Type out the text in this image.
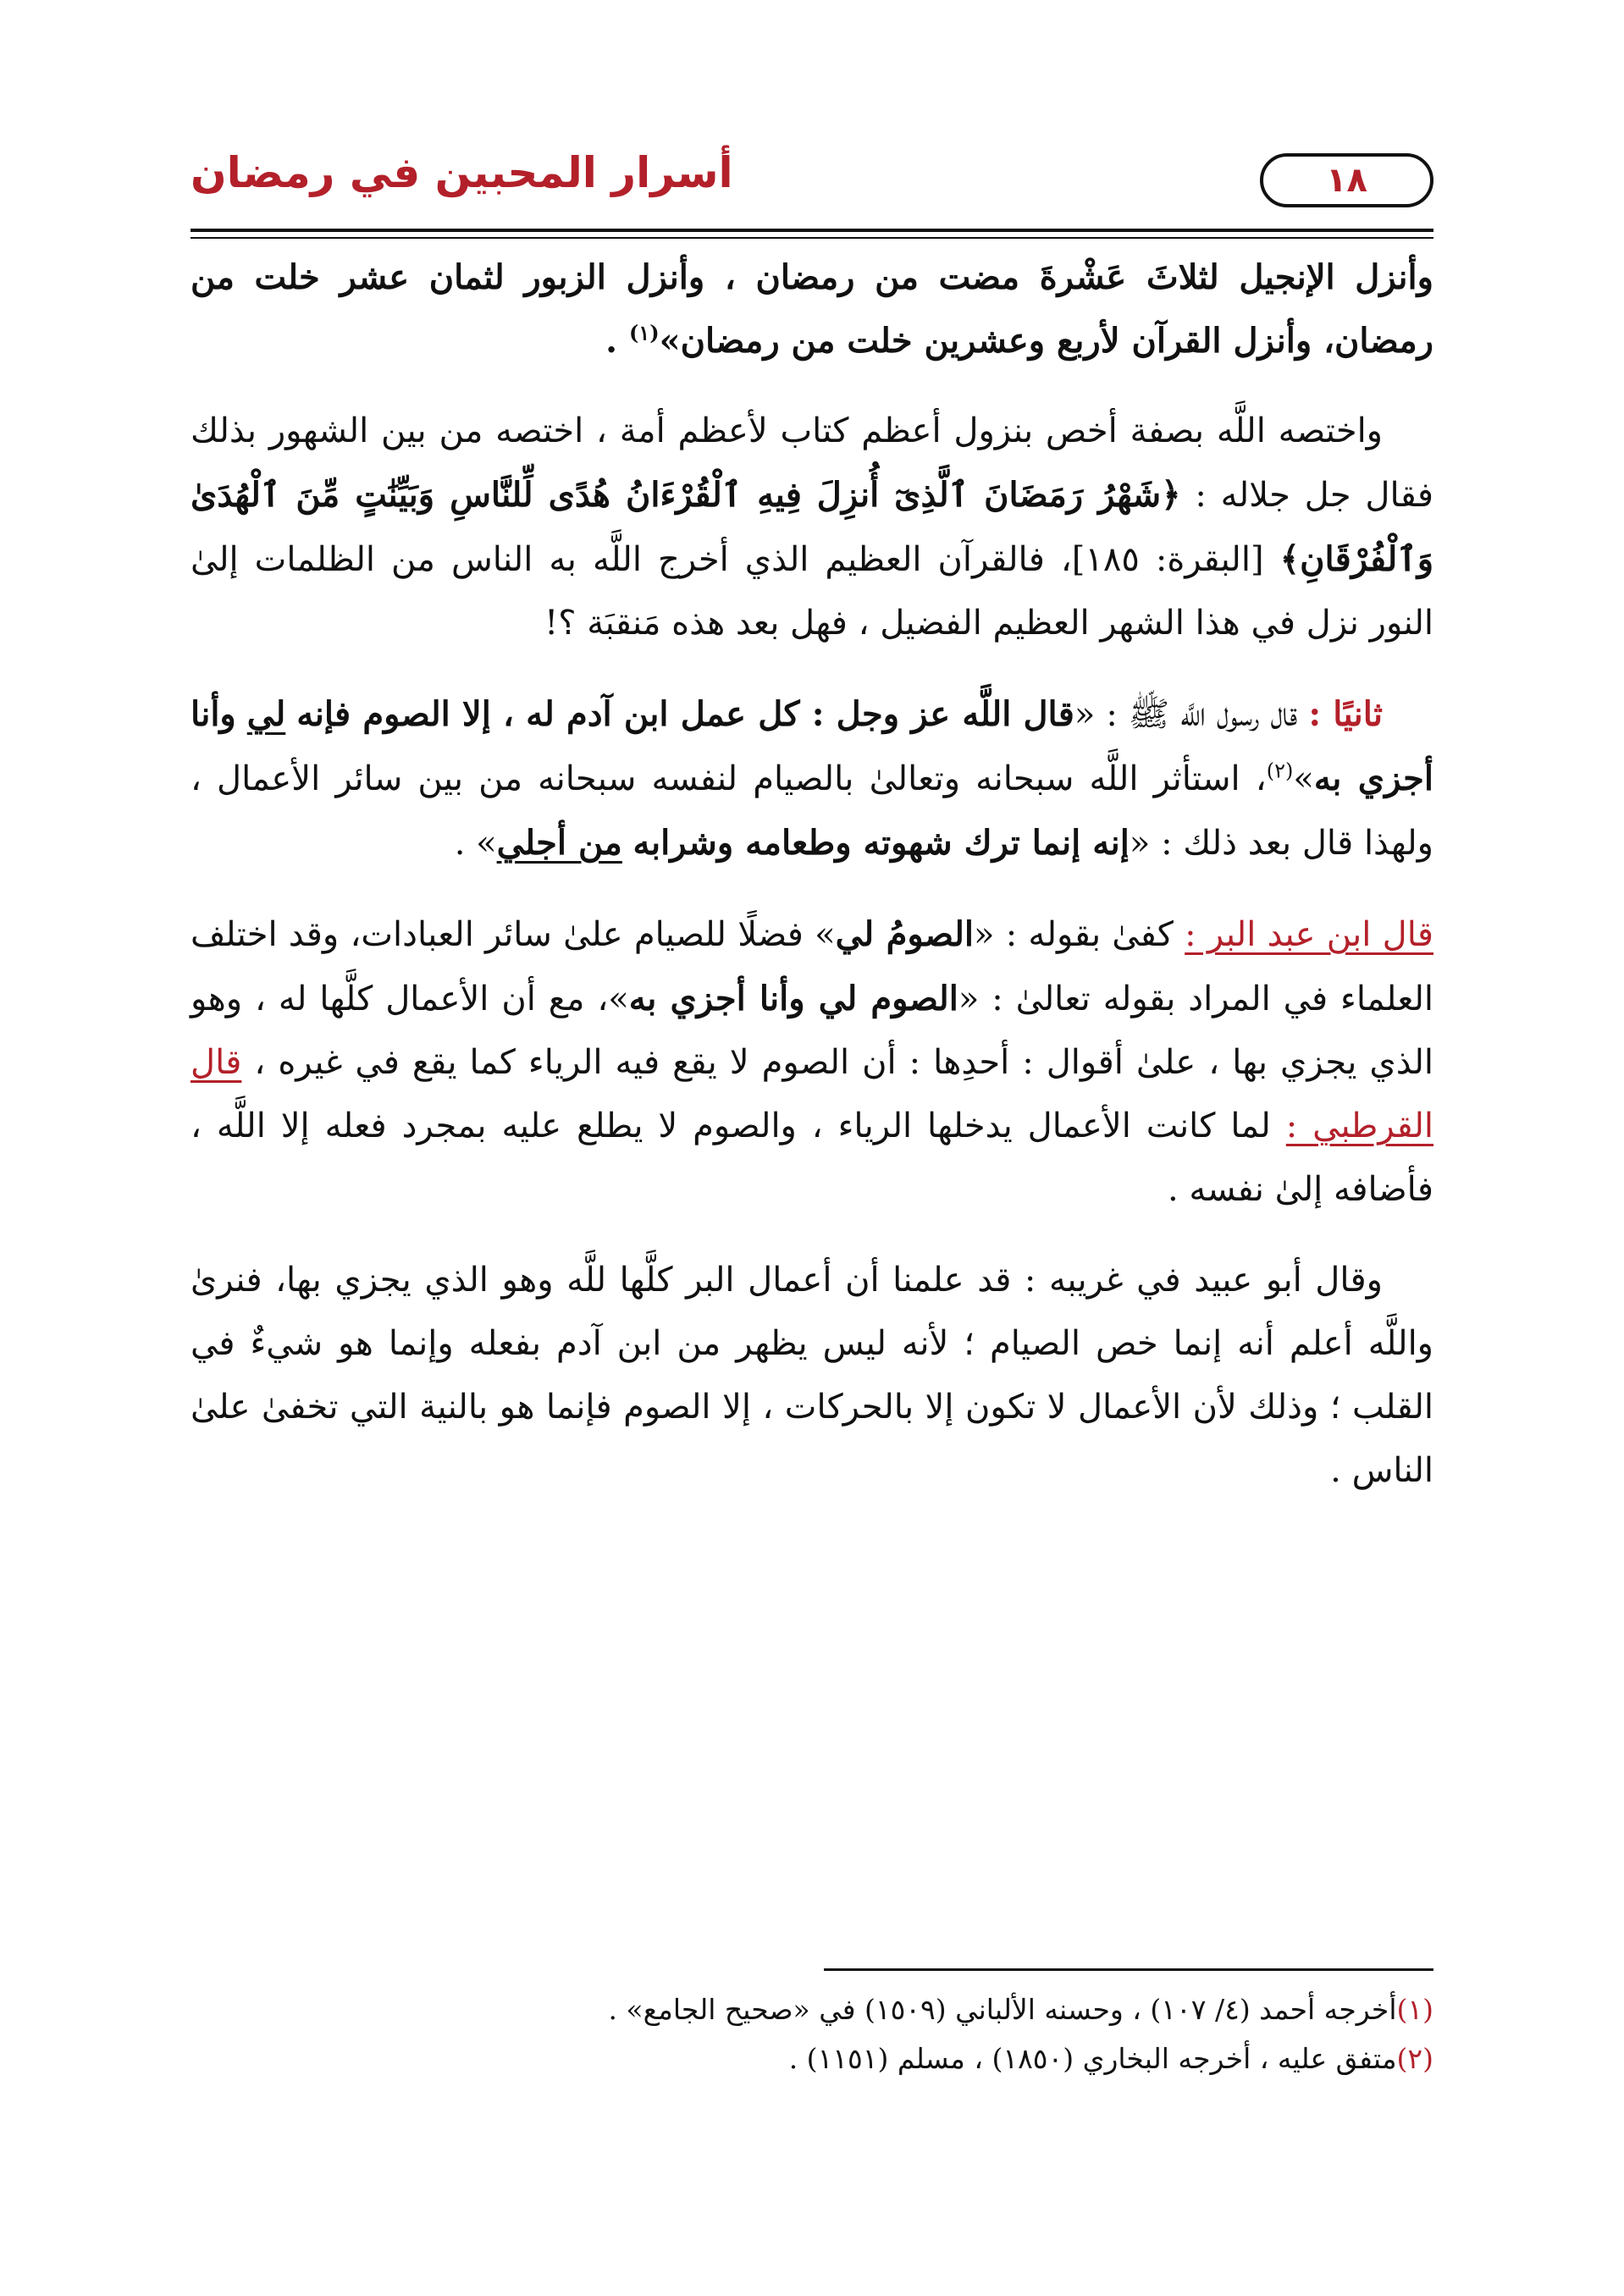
أسرار المحبين في رمضان	١٨

وأنزل الإنجيل لثلاثَ عَشْرةَ مضت من رمضان ، وأنزل الزبور لثمان عشر خلت من رمضان، وأنزل القرآن لأربع وعشرين خلت من رمضان»$^{(١)}$ .

واختصه اللَّه بصفة أخص بنزول أعظم كتاب لأعظم أمة ، اختصه من بين الشهور بذلك فقال جل جلاله : ﴿شَهْرُ رَمَضَانَ ٱلَّذِىٓ أُنزِلَ فِيهِ ٱلْقُرْءَانُ هُدًى لِّلنَّاسِ وَبَيِّنَٰتٍ مِّنَ ٱلْهُدَىٰ وَٱلْفُرْقَانِ﴾ [البقرة: ١٨٥]، فالقرآن العظيم الذي أخرج اللَّه به الناس من الظلمات إلىٰ النور نزل في هذا الشهر العظيم الفضيل ، فهل بعد هذه مَنقبَة ؟!

ثانيًا : قال رسول اللَّه ﷺ : «قال اللَّه عز وجل : كل عمل ابن آدم له ، إلا الصوم فإنه لي وأنا أجزي به»$^{(٢)}$، استأثر اللَّه سبحانه وتعالىٰ بالصيام لنفسه سبحانه من بين سائر الأعمال ، ولهذا قال بعد ذلك : «إنه إنما ترك شهوته وطعامه وشرابه من أجلي» .

قال ابن عبد البر : كفىٰ بقوله : «الصومُ لي» فضلًا للصيام علىٰ سائر العبادات، وقد اختلف العلماء في المراد بقوله تعالىٰ : «الصوم لي وأنا أجزي به»، مع أن الأعمال كلَّها له ، وهو الذي يجزي بها ، علىٰ أقوال : أحدِها : أن الصوم لا يقع فيه الرياء كما يقع في غيره ، قال القرطبي : لما كانت الأعمال يدخلها الرياء ، والصوم لا يطلع عليه بمجرد فعله إلا اللَّه ، فأضافه إلىٰ نفسه .

وقال أبو عبيد في غريبه : قد علمنا أن أعمال البر كلَّها للَّه وهو الذي يجزي بها، فنرىٰ واللَّه أعلم أنه إنما خص الصيام ؛ لأنه ليس يظهر من ابن آدم بفعله وإنما هو شيءٌ في القلب ؛ وذلك لأن الأعمال لا تكون إلا بالحركات ، إلا الصوم فإنما هو بالنية التي تخفىٰ علىٰ الناس .

(١)أخرجه أحمد (٤/ ١٠٧) ، وحسنه الألباني (١٥٠٩) في «صحيح الجامع» .

(٢)متفق عليه ، أخرجه البخاري (١٨٥٠) ، مسلم (١١٥١) .
